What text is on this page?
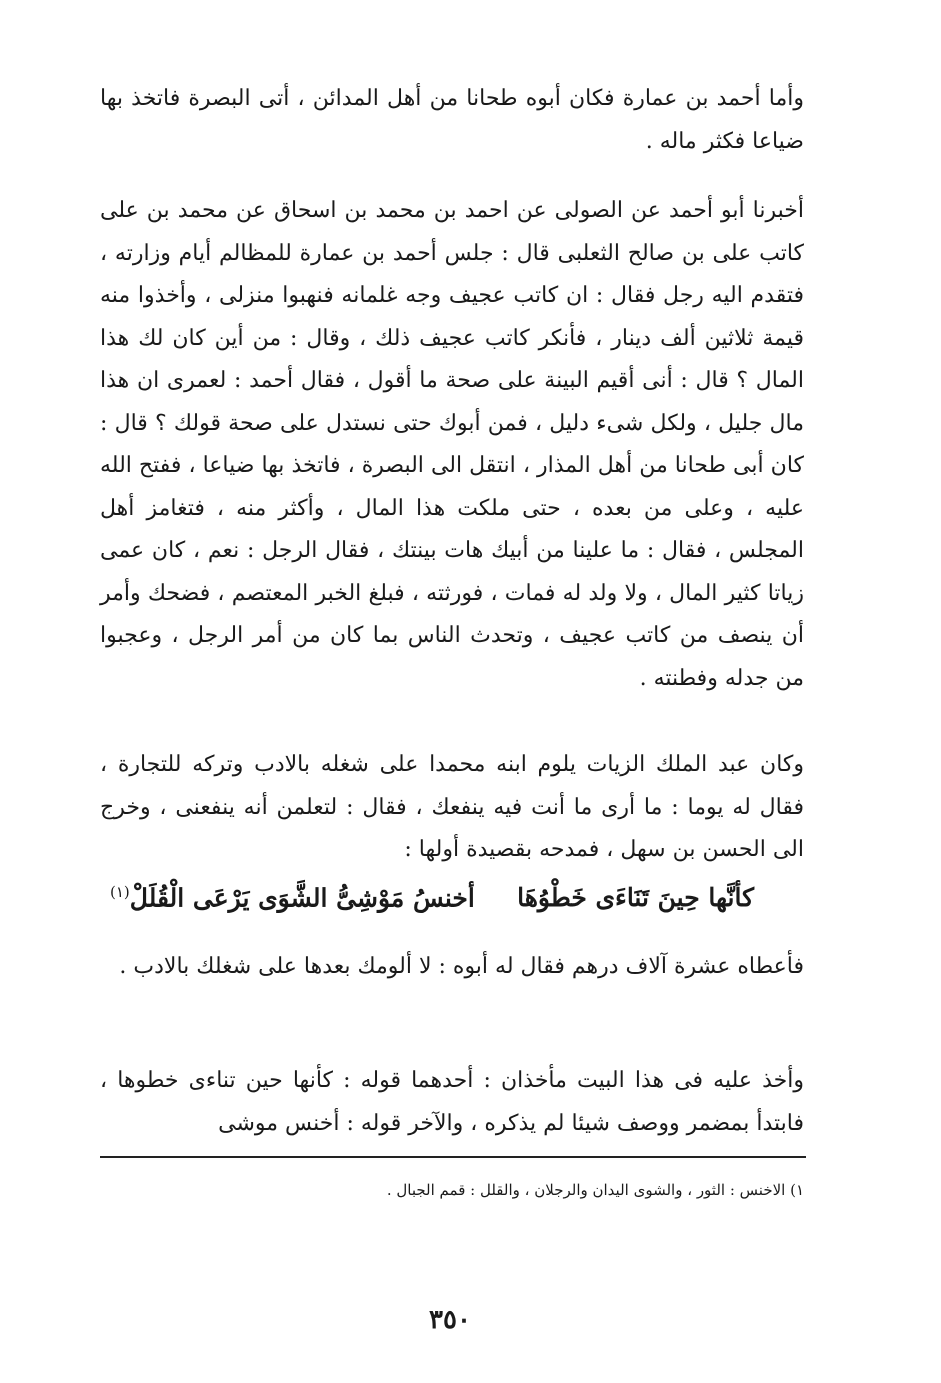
وأما أحمد بن عمارة فكان أبوه طحانا من أهل المدائن ، أتى البصرة فاتخذ بها ضياعا فكثر ماله .

أخبرنا أبو أحمد عن الصولى عن احمد بن محمد بن اسحاق عن محمد بن على كاتب على بن صالح الثعلبى قال : جلس أحمد بن عمارة للمظالم أيام وزارته ، فتقدم اليه رجل فقال : ان كاتب عجيف وجه غلمانه فنهبوا منزلى ، وأخذوا منه قيمة ثلاثين ألف دينار ، فأنكر كاتب عجيف ذلك ، وقال : من أين كان لك هذا المال ؟ قال : أنى أقيم البينة على صحة ما أقول ، فقال أحمد : لعمرى ان هذا مال جليل ، ولكل شىء دليل ، فمن أبوك حتى نستدل على صحة قولك ؟ قال : كان أبى طحانا من أهل المذار ، انتقل الى البصرة ، فاتخذ بها ضياعا ، ففتح الله عليه ، وعلى من بعده ، حتى ملكت هذا المال ، وأكثر منه ، فتغامز أهل المجلس ، فقال : ما علينا من أبيك هات بينتك ، فقال الرجل : نعم ، كان عمى زياتا كثير المال ، ولا ولد له فمات ، فورثته ، فبلغ الخبر المعتصم ، فضحك وأمر أن ينصف من كاتب عجيف ، وتحدث الناس بما كان من أمر الرجل ، وعجبوا من جدله وفطنته .

وكان عبد الملك الزيات يلوم ابنه محمدا على شغله بالادب وتركه للتجارة ، فقال له يوما : ما أرى ما أنت فيه ينفعك ، فقال : لتعلمن أنه ينفعنى ، وخرج الى الحسن بن سهل ، فمدحه بقصيدة أولها :

كأنَّها حِينَ تَنَاءَى خَطْوُهَا
أخنسُ مَوْشِىُّ الشَّوَى يَرْعَى الْقُلَلْ$^{(١)}$

فأعطاه عشرة آلاف درهم فقال له أبوه : لا ألومك بعدها على شغلك بالادب .

وأخذ عليه فى هذا البيت مأخذان : أحدهما قوله : كأنها حين تناءى خطوها ، فابتدأ بمضمر ووصف شيئا لم يذكره ، والآخر قوله : أخنس موشى

١) الاخنس : الثور ، والشوى اليدان والرجلان ، والقلل : قمم الجبال .
٣٥٠
